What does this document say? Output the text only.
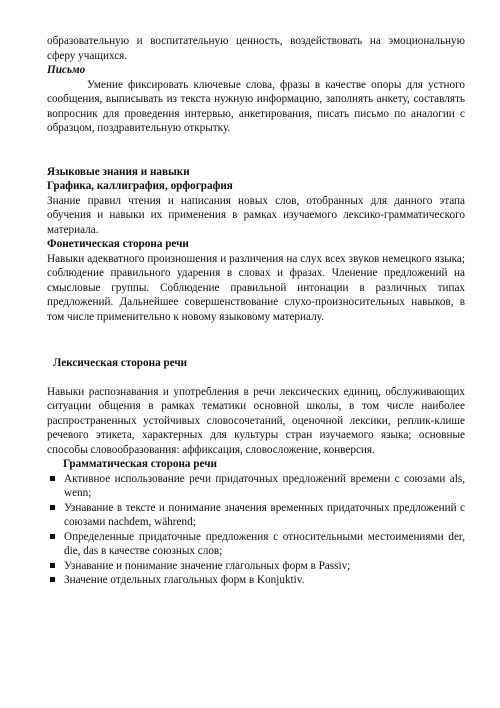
образовательную и воспитательную ценность, воздействовать на эмоциональную сферу учащихся.

Письмо

Умение фиксировать ключевые слова, фразы в качестве опоры для устного сообщения, выписывать из текста нужную информацию, заполнять анкету, составлять вопросник для проведения интервью, анкетирования, писать письмо по аналогии с образцом, поздравительную открытку.

Языковые знания и навыки

Графика, каллиграфия, орфография

Знание правил чтения и написания новых слов, отобранных для данного этапа обучения и навыки их применения в рамках изучаемого лексико-грамматического материала.

Фонетическая сторона речи

Навыки адекватного произношения и различения на слух всех звуков немецкого языка; соблюдение правильного ударения в словах и фразах. Членение предложений на смысловые группы. Соблюдение правильной интонации в различных типах предложений. Дальнейшее совершенствование слухо-произносительных навыков, в том числе применительно к новому языковому материалу.

Лексическая сторона речи

Навыки распознавания и употребления в речи лексических единиц, обслуживающих ситуации общения в рамках тематики основной школы, в том числе наиболее распространенных устойчивых словосочетаний, оценочной лексики, реплик-клише речевого этикета, характерных для культуры стран изучаемого языка; основные способы словообразования: аффиксация, словосложение, конверсия.

Грамматическая сторона речи

Активное использование речи придаточных предложений времени с союзами als, wenn;
Узнавание в тексте и понимание значения временных придаточных предложений с союзами nachdem, während;
Определенные придаточные предложения с относительными местоимениями der, die, das в качестве союзных слов;
Узнавание и понимание значение глагольных форм в Passiv;
Значение отдельных глагольных форм в Konjuktiv.
